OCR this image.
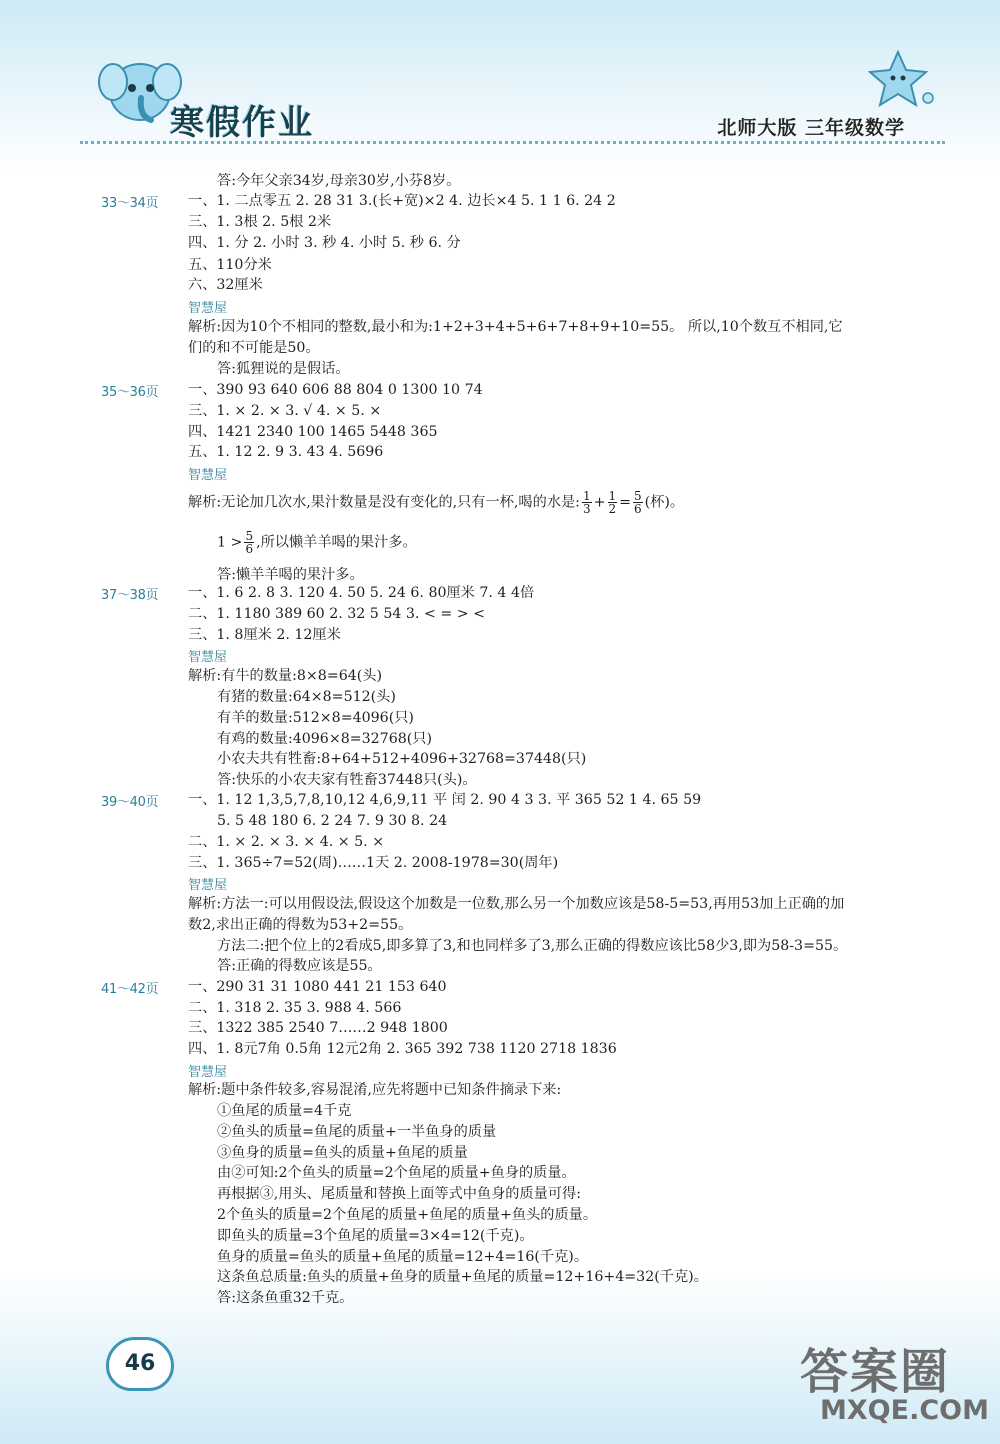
寒假作业	北师大版 三年级数学
33～34页
35～36页
37～38页
39～40页
41～42页
智慧屋
智慧屋
智慧屋
智慧屋
智慧屋
答:今年父亲34岁,母亲30岁,小芬8岁。
一、1. 二点零五 2. 28 31 3.(长+宽)×2 4. 边长×4 5. 1 1 6. 24 2
三、1. 3根 2. 5根 2米
四、1. 分 2. 小时 3. 秒 4. 小时 5. 秒 6. 分
五、110分米
六、32厘米
解析:因为10个不相同的整数,最小和为:1+2+3+4+5+6+7+8+9+10=55。 所以,10个数互不相同,它
们的和不可能是50。
答:狐狸说的是假话。
一、390 93 640 606 88 804 0 1300 10 74
三、1. × 2. × 3. √ 4. × 5. ×
四、1421 2340 100 1465 5448 365
五、1. 12 2. 9 3. 43 4. 5696
答:懒羊羊喝的果汁多。
一、1. 6 2. 8 3. 120 4. 50 5. 24 6. 80厘米 7. 4 4倍
二、1. 1180 389 60 2. 32 5 54 3. < = > <
三、1. 8厘米 2. 12厘米
解析:有牛的数量:8×8=64(头)
有猪的数量:64×8=512(头)
有羊的数量:512×8=4096(只)
有鸡的数量:4096×8=32768(只)
小农夫共有牲畜:8+64+512+4096+32768=37448(只)
答:快乐的小农夫家有牲畜37448只(头)。
一、1. 12 1,3,5,7,8,10,12 4,6,9,11 平 闰 2. 90 4 3 3. 平 365 52 1 4. 65 59
5. 5 48 180 6. 2 24 7. 9 30 8. 24
二、1. × 2. × 3. × 4. × 5. ×
三、1. 365÷7=52(周)……1天 2. 2008-1978=30(周年)
解析:方法一:可以用假设法,假设这个加数是一位数,那么另一个加数应该是58-5=53,再用53加上正确的加
数2,求出正确的得数为53+2=55。
方法二:把个位上的2看成5,即多算了3,和也同样多了3,那么正确的得数应该比58少3,即为58-3=55。
答:正确的得数应该是55。
一、290 31 31 1080 441 21 153 640
二、1. 318 2. 35 3. 988 4. 566
三、1322 385 2540 7……2 948 1800
四、1. 8元7角 0.5角 12元2角 2. 365 392 738 1120 2718 1836
解析:题中条件较多,容易混淆,应先将题中已知条件摘录下来:
①鱼尾的质量=4千克
②鱼头的质量=鱼尾的质量+一半鱼身的质量
③鱼身的质量=鱼头的质量+鱼尾的质量
由②可知:2个鱼头的质量=2个鱼尾的质量+鱼身的质量。
再根据③,用头、尾质量和替换上面等式中鱼身的质量可得:
2个鱼头的质量=2个鱼尾的质量+鱼尾的质量+鱼头的质量。
即鱼头的质量=3个鱼尾的质量=3×4=12(千克)。
鱼身的质量=鱼头的质量+鱼尾的质量=12+4=16(千克)。
这条鱼总质量:鱼头的质量+鱼身的质量+鱼尾的质量=12+16+4=32(千克)。
答:这条鱼重32千克。
解析:无论加几次水,果汁数量是没有变化的,只有一杯,喝的水是: $\frac{1}{3} + \frac{1}{2} = \frac{5}{6}$ (杯)。
$1 > \frac{5}{6}$ ,所以懒羊羊喝的果汁多。
46	答案圈
MXQE.COM
